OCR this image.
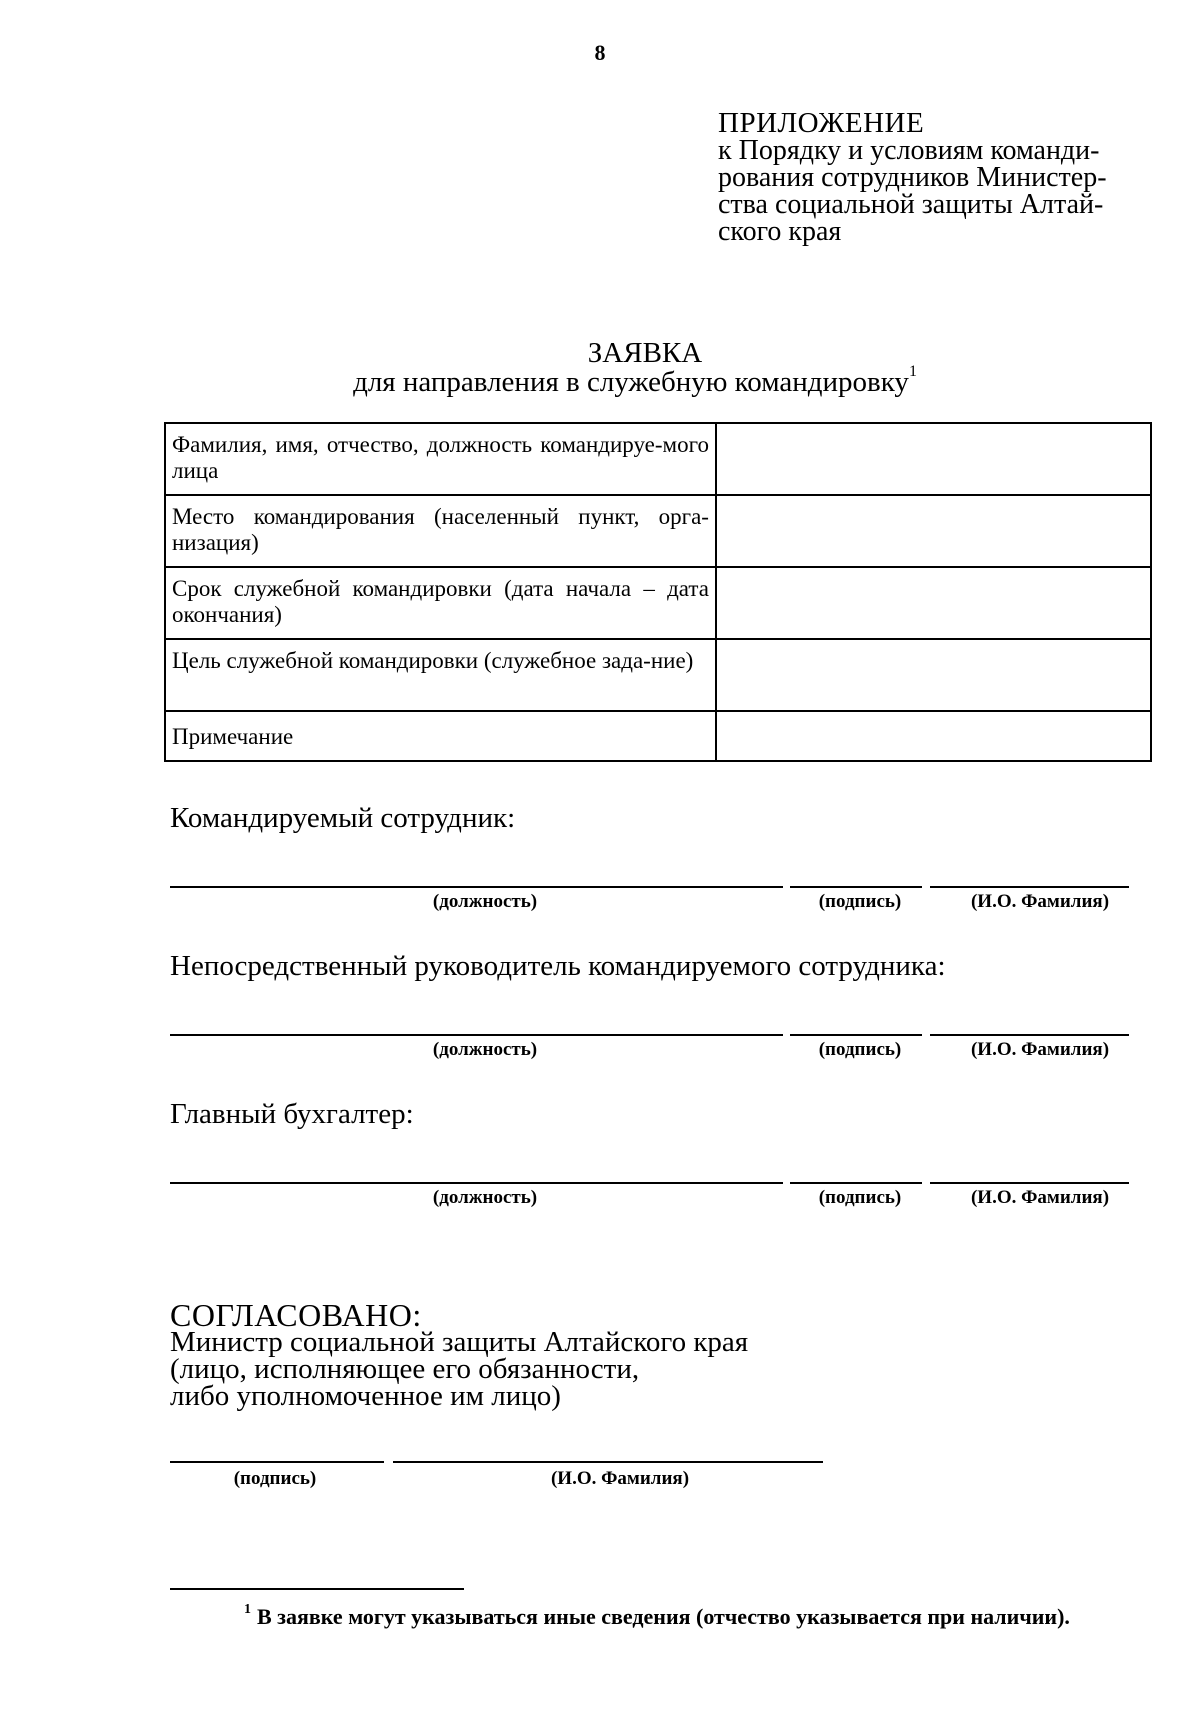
8
ПРИЛОЖЕНИЕ
к Порядку и условиям команди-
рования сотрудников Министер-
ства социальной защиты Алтай-
ского края
ЗАЯВКА
для направления в служебную командировку$^1$
Фамилия, имя, отчество, должность командируе-мого лица	
Место командирования (населенный пункт, орга-низация)	
Срок служебной командировки (дата начала – дата окончания)	
Цель служебной командировки (служебное зада-ние)	
Примечание	
Командируемый сотрудник:
(должность)	(подпись)	(И.О. Фамилия)
Непосредственный руководитель командируемого сотрудника:
(должность)	(подпись)	(И.О. Фамилия)
Главный бухгалтер:
(должность)	(подпись)	(И.О. Фамилия)
СОГЛАСОВАНО:
Министр социальной защиты Алтайского края
(лицо, исполняющее его обязанности,
либо уполномоченное им лицо)
(подпись)	(И.О. Фамилия)
$^1$ В заявке могут указываться иные сведения (отчество указывается при наличии).
